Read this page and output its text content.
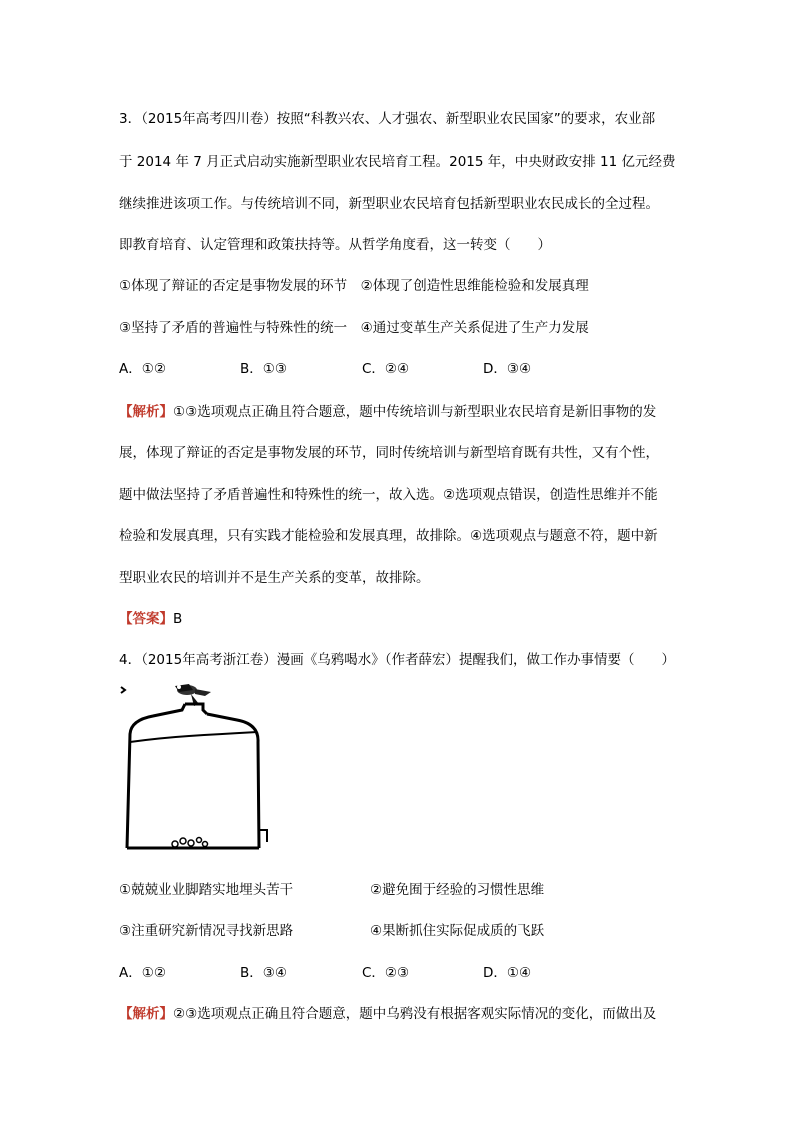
3．（2015年高考四川卷）按照“科教兴农、人才强农、新型职业农民国家”的要求，农业部
于 2014 年 7 月正式启动实施新型职业农民培育工程。2015 年，中央财政安排 11 亿元经费
继续推进该项工作。与传统培训不同，新型职业农民培育包括新型职业农民成长的全过程。
即教育培育、认定管理和政策扶持等。从哲学角度看，这一转变（　　）
①体现了辩证的否定是事物发展的环节　②体现了创造性思维能检验和发展真理
③坚持了矛盾的普遍性与特殊性的统一　④通过变革生产关系促进了生产力发展
A．①②	B．①③	C．②④	D．③④
【解析】①③选项观点正确且符合题意，题中传统培训与新型职业农民培育是新旧事物的发
展，体现了辩证的否定是事物发展的环节，同时传统培训与新型培育既有共性，又有个性，
题中做法坚持了矛盾普遍性和特殊性的统一，故入选。②选项观点错误，创造性思维并不能
检验和发展真理，只有实践才能检验和发展真理，故排除。④选项观点与题意不符，题中新
型职业农民的培训并不是生产关系的变革，故排除。
【答案】B
4．（2015年高考浙江卷）漫画《乌鸦喝水》（作者薛宏）提醒我们，做工作办事情要（　　）
①兢兢业业脚踏实地埋头苦干	②避免囿于经验的习惯性思维
③注重研究新情况寻找新思路	④果断抓住实际促成质的飞跃
A．①②	B．③④	C．②③	D．①④
【解析】②③选项观点正确且符合题意，题中乌鸦没有根据客观实际情况的变化，而做出及
